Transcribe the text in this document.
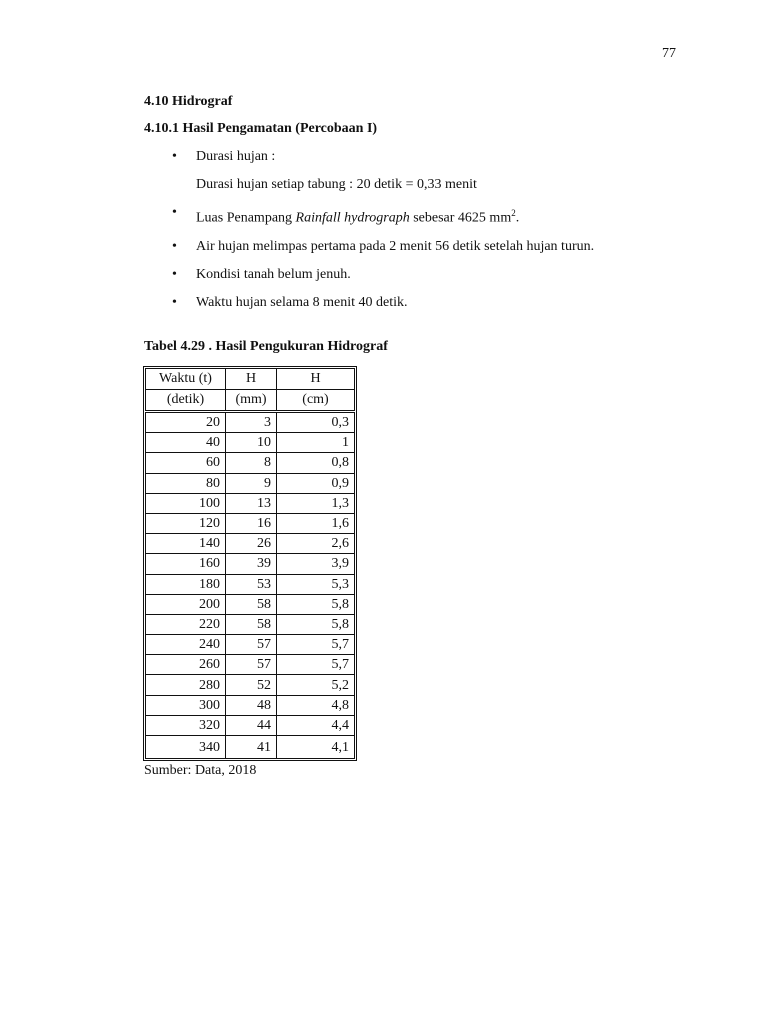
77
4.10 Hidrograf
4.10.1 Hasil Pengamatan (Percobaan I)
• Durasi hujan :
Durasi hujan setiap tabung : 20 detik = 0,33 menit
• Luas Penampang Rainfall hydrograph sebesar 4625 $mm^2$.
• Air hujan melimpas pertama pada 2 menit 56 detik setelah hujan turun.
• Kondisi tanah belum jenuh.
• Waktu hujan selama 8 menit 40 detik.
Tabel 4.29 . Hasil Pengukuran Hidrograf
Waktu (t)	H	H
(detik)	(mm)	(cm)
20	3	0,3
40	10	1
60	8	0,8
80	9	0,9
100	13	1,3
120	16	1,6
140	26	2,6
160	39	3,9
180	53	5,3
200	58	5,8
220	58	5,8
240	57	5,7
260	57	5,7
280	52	5,2
300	48	4,8
320	44	4,4
340	41	4,1
Sumber: Data, 2018
